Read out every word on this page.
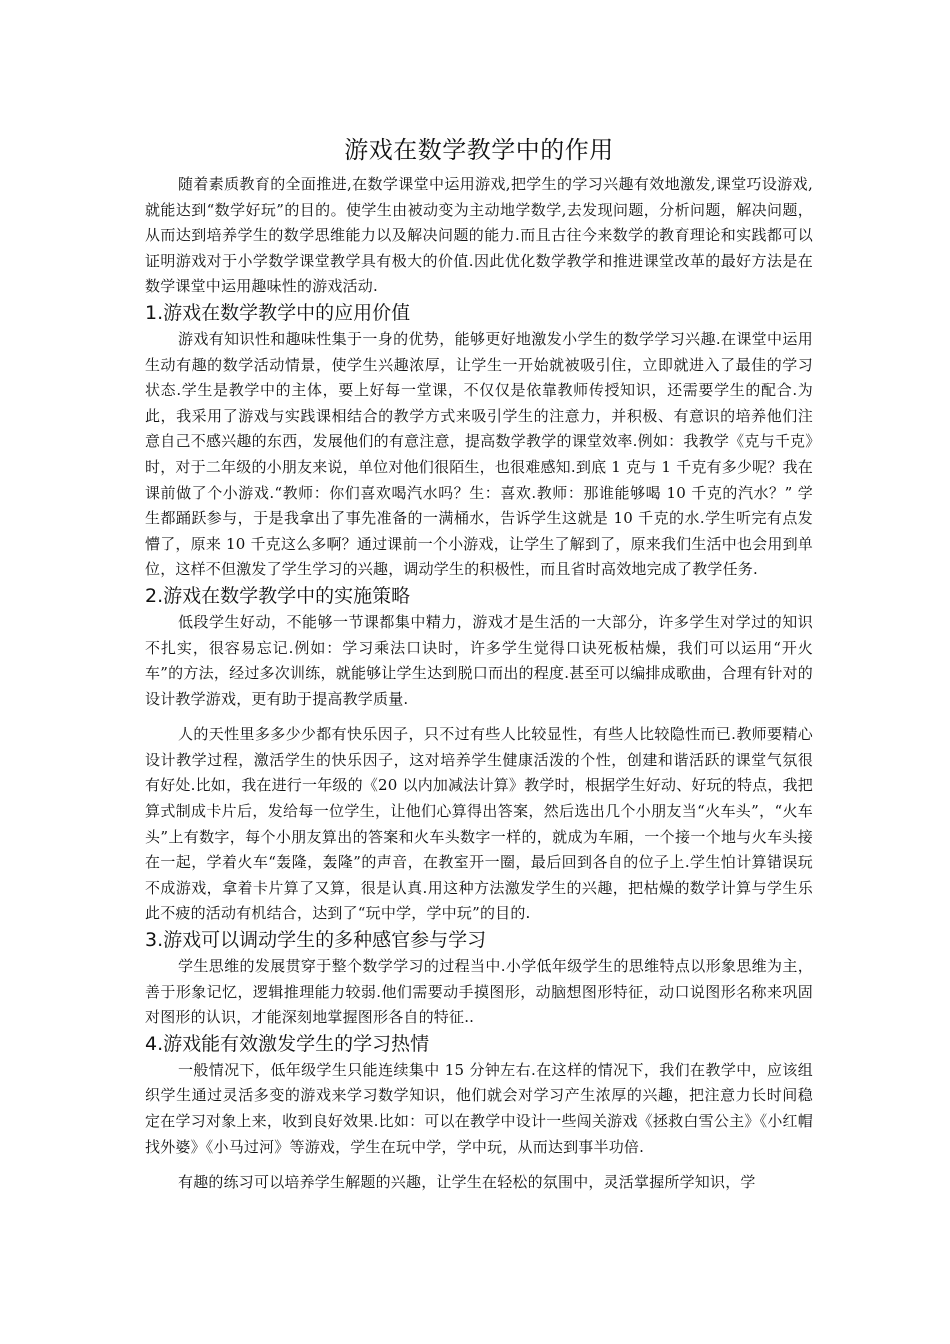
游戏在数学教学中的作用

随着素质教育的全面推进,在数学课堂中运用游戏,把学生的学习兴趣有效地激发,课堂巧设游戏,就能达到“数学好玩”的目的。使学生由被动变为主动地学数学,去发现问题，分析问题，解决问题，从而达到培养学生的数学思维能力以及解决问题的能力.而且古往今来数学的教育理论和实践都可以证明游戏对于小学数学课堂教学具有极大的价值.因此优化数学教学和推进课堂改革的最好方法是在数学课堂中运用趣味性的游戏活动.

1.游戏在数学教学中的应用价值

游戏有知识性和趣味性集于一身的优势，能够更好地激发小学生的数学学习兴趣.在课堂中运用生动有趣的数学活动情景，使学生兴趣浓厚，让学生一开始就被吸引住，立即就进入了最佳的学习状态.学生是教学中的主体，要上好每一堂课，不仅仅是依靠教师传授知识，还需要学生的配合.为此，我采用了游戏与实践课相结合的教学方式来吸引学生的注意力，并积极、有意识的培养他们注意自己不感兴趣的东西，发展他们的有意注意，提高数学教学的课堂效率.例如：我教学《克与千克》时，对于二年级的小朋友来说，单位对他们很陌生，也很难感知.到底 1 克与 1 千克有多少呢？我在课前做了个小游戏.“教师：你们喜欢喝汽水吗？生：喜欢.教师：那谁能够喝 10 千克的汽水？” 学生都踊跃参与，于是我拿出了事先准备的一满桶水，告诉学生这就是 10 千克的水.学生听完有点发懵了，原来 10 千克这么多啊？通过课前一个小游戏，让学生了解到了，原来我们生活中也会用到单位，这样不但激发了学生学习的兴趣，调动学生的积极性，而且省时高效地完成了教学任务.

2.游戏在数学教学中的实施策略

低段学生好动，不能够一节课都集中精力，游戏才是生活的一大部分，许多学生对学过的知识不扎实，很容易忘记.例如：学习乘法口诀时，许多学生觉得口诀死板枯燥，我们可以运用“开火车”的方法，经过多次训练，就能够让学生达到脱口而出的程度.甚至可以编排成歌曲，合理有针对的设计教学游戏，更有助于提高教学质量.

人的天性里多多少少都有快乐因子，只不过有些人比较显性，有些人比较隐性而已.教师要精心设计教学过程，激活学生的快乐因子，这对培养学生健康活泼的个性，创建和谐活跃的课堂气氛很有好处.比如，我在进行一年级的《20 以内加减法计算》教学时，根据学生好动、好玩的特点，我把算式制成卡片后，发给每一位学生，让他们心算得出答案，然后选出几个小朋友当“火车头”，“火车头”上有数字，每个小朋友算出的答案和火车头数字一样的，就成为车厢，一个接一个地与火车头接在一起，学着火车“轰隆，轰隆”的声音，在教室开一圈，最后回到各自的位子上.学生怕计算错误玩不成游戏，拿着卡片算了又算，很是认真.用这种方法激发学生的兴趣，把枯燥的数学计算与学生乐此不疲的活动有机结合，达到了“玩中学，学中玩”的目的.

3.游戏可以调动学生的多种感官参与学习

学生思维的发展贯穿于整个数学学习的过程当中.小学低年级学生的思维特点以形象思维为主，善于形象记忆，逻辑推理能力较弱.他们需要动手摸图形，动脑想图形特征，动口说图形名称来巩固对图形的认识，才能深刻地掌握图形各自的特征..

4.游戏能有效激发学生的学习热情

一般情况下，低年级学生只能连续集中 15 分钟左右.在这样的情况下，我们在教学中，应该组织学生通过灵活多变的游戏来学习数学知识，他们就会对学习产生浓厚的兴趣，把注意力长时间稳定在学习对象上来，收到良好效果.比如：可以在教学中设计一些闯关游戏《拯救白雪公主》《小红帽找外婆》《小马过河》等游戏，学生在玩中学，学中玩，从而达到事半功倍.

有趣的练习可以培养学生解题的兴趣，让学生在轻松的氛围中，灵活掌握所学知识，学
